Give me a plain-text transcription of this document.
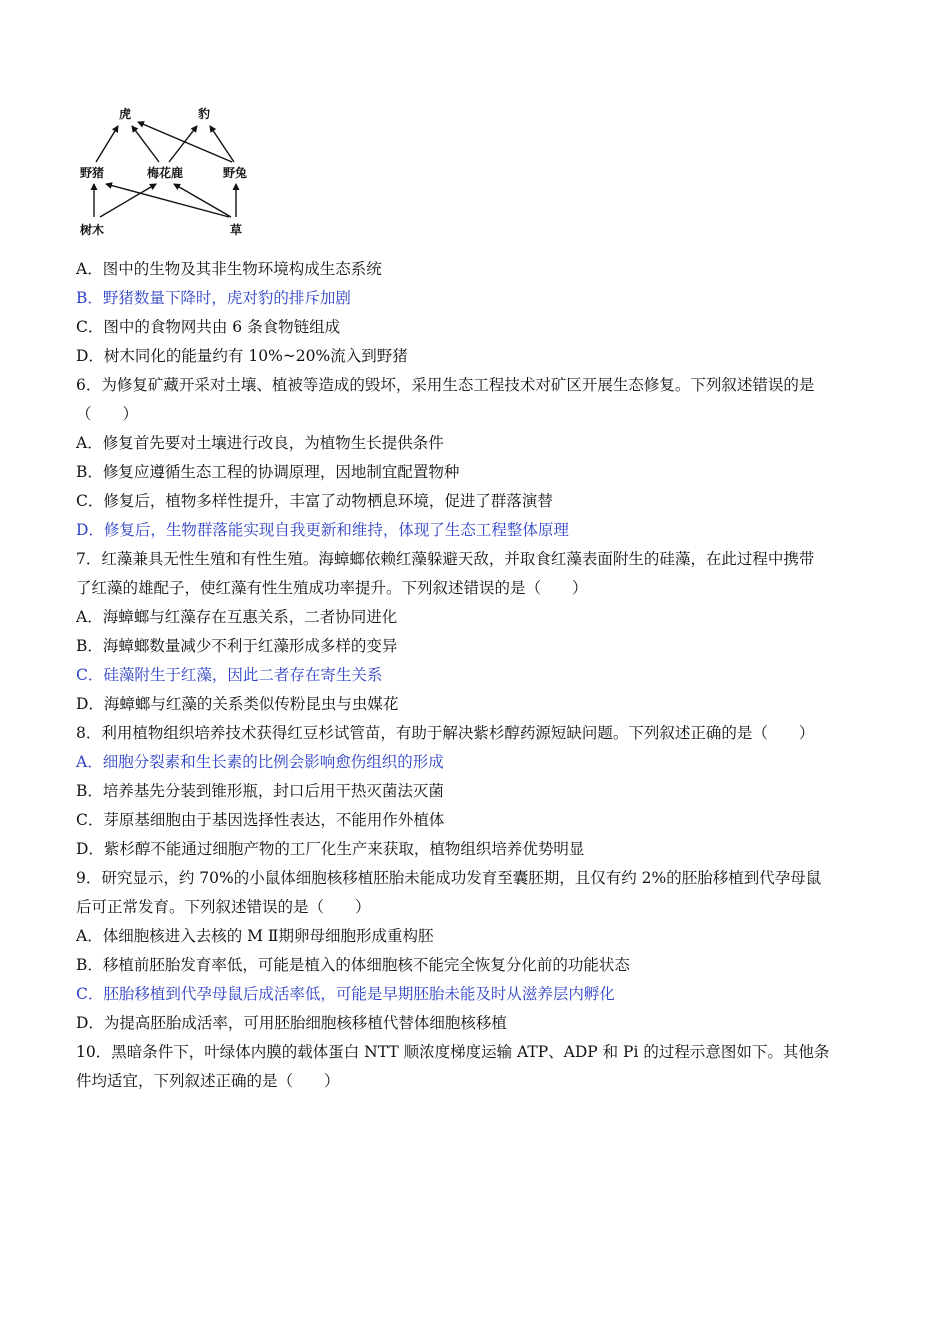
虎	豹
野猪	梅花鹿	野兔
树木	草
A．图中的生物及其非生物环境构成生态系统
B．野猪数量下降时，虎对豹的排斥加剧
C．图中的食物网共由 6 条食物链组成
D．树木同化的能量约有 10%~20%流入到野猪
6．为修复矿藏开采对土壤、植被等造成的毁坏，采用生态工程技术对矿区开展生态修复。下列叙述错误的是
（　　）
A．修复首先要对土壤进行改良，为植物生长提供条件
B．修复应遵循生态工程的协调原理，因地制宜配置物种
C．修复后，植物多样性提升，丰富了动物栖息环境，促进了群落演替
D．修复后，生物群落能实现自我更新和维持，体现了生态工程整体原理
7．红藻兼具无性生殖和有性生殖。海蟑螂依赖红藻躲避天敌，并取食红藻表面附生的硅藻，在此过程中携带
了红藻的雄配子，使红藻有性生殖成功率提升。下列叙述错误的是（　　）
A．海蟑螂与红藻存在互惠关系，二者协同进化
B．海蟑螂数量减少不利于红藻形成多样的变异
C．硅藻附生于红藻，因此二者存在寄生关系
D．海蟑螂与红藻的关系类似传粉昆虫与虫媒花
8．利用植物组织培养技术获得红豆杉试管苗，有助于解决紫杉醇药源短缺问题。下列叙述正确的是（　　）
A．细胞分裂素和生长素的比例会影响愈伤组织的形成
B．培养基先分装到锥形瓶，封口后用干热灭菌法灭菌
C．芽原基细胞由于基因选择性表达，不能用作外植体
D．紫杉醇不能通过细胞产物的工厂化生产来获取，植物组织培养优势明显
9．研究显示，约 70%的小鼠体细胞核移植胚胎未能成功发育至囊胚期，且仅有约 2%的胚胎移植到代孕母鼠
后可正常发育。下列叙述错误的是（　　）
A．体细胞核进入去核的 M Ⅱ期卵母细胞形成重构胚
B．移植前胚胎发育率低，可能是植入的体细胞核不能完全恢复分化前的功能状态
C．胚胎移植到代孕母鼠后成活率低，可能是早期胚胎未能及时从滋养层内孵化
D．为提高胚胎成活率，可用胚胎细胞核移植代替体细胞核移植
10．黑暗条件下，叶绿体内膜的载体蛋白 NTT 顺浓度梯度运输 ATP、ADP 和 Pi 的过程示意图如下。其他条
件均适宜，下列叙述正确的是（　　）
